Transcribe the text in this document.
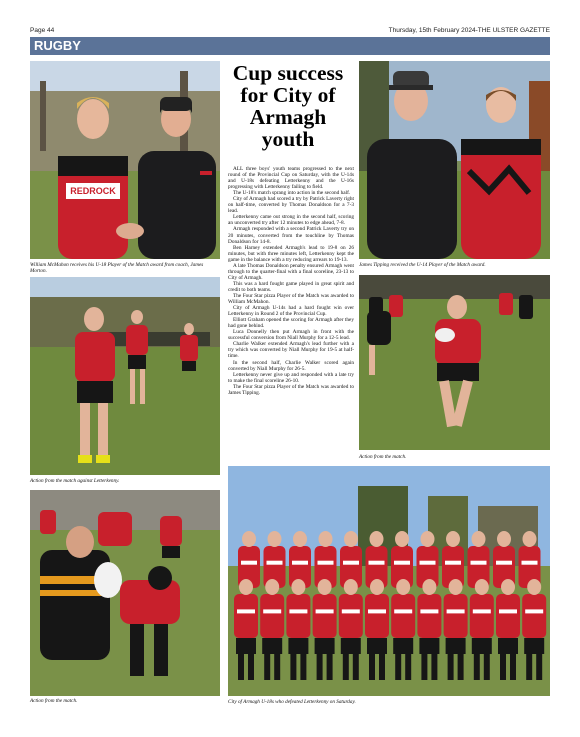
Page 44	Thursday, 15th February 2024-THE ULSTER GAZETTE
RUGBY
REDROCK
William McMahon receives his U-18 Player of the Match award from coach, James Morton.
Action from the match against Letterkenny.
Action from the match.
Cup success for City of Armagh youth

ALL three boys' youth teams progressed to the next round of the Provincial Cup on Saturday, with the U-14s and U-18s defeating Letterkenny and the U-16s progressing with Letterkenny failing to field.

The U-18's match sprang into action in the second half.

City of Armagh had scored a try by Patrick Laverty right on half-time, converted by Thomas Donaldson for a 7-3 lead.

Letterkenny came out strong in the second half, scoring an unconverted try after 12 minutes to edge ahead, 7-8.

Armagh responded with a second Patrick Laverty try on 20 minutes, converted from the touchline by Thomas Donaldson for 14-8.

Ben Harney extended Armagh's lead to 19-8 on 26 minutes, but with three minutes left, Letterkenny kept the game in the balance with a try reducing arrears to 19-13.

A late Thomas Donaldson penalty ensured Armagh went through to the quarter-final with a final scoreline, 23-13 to City of Armagh.

This was a hard fought game played in great spirit and credit to both teams.

The Four Star pizza Player of the Match was awarded to William McMahon.

City of Armagh U-14s had a hard fought win over Letterkenny in Round 2 of the Provincial Cup.

Elliott Graham opened the scoring for Armagh after they had gone behind.

Luca Donnelly then put Armagh in front with the successful conversion from Niall Murphy for a 12-5 lead.

Charlie Walker extended Armagh's lead further with a try which was converted by Niall Murphy for 19-5 at half-time.

In the second half, Charlie Walker scored again converted by Niall Murphy for 26-5.

Letterkenny never give up and responded with a late try to make the final scoreline 26-10.

The Four Star pizza Player of the Match was awarded to James Tipping.

James Tipping received the U-14 Player of the Match award.
Action from the match.
City of Armagh U-18s who defeated Letterkenny on Saturday.
